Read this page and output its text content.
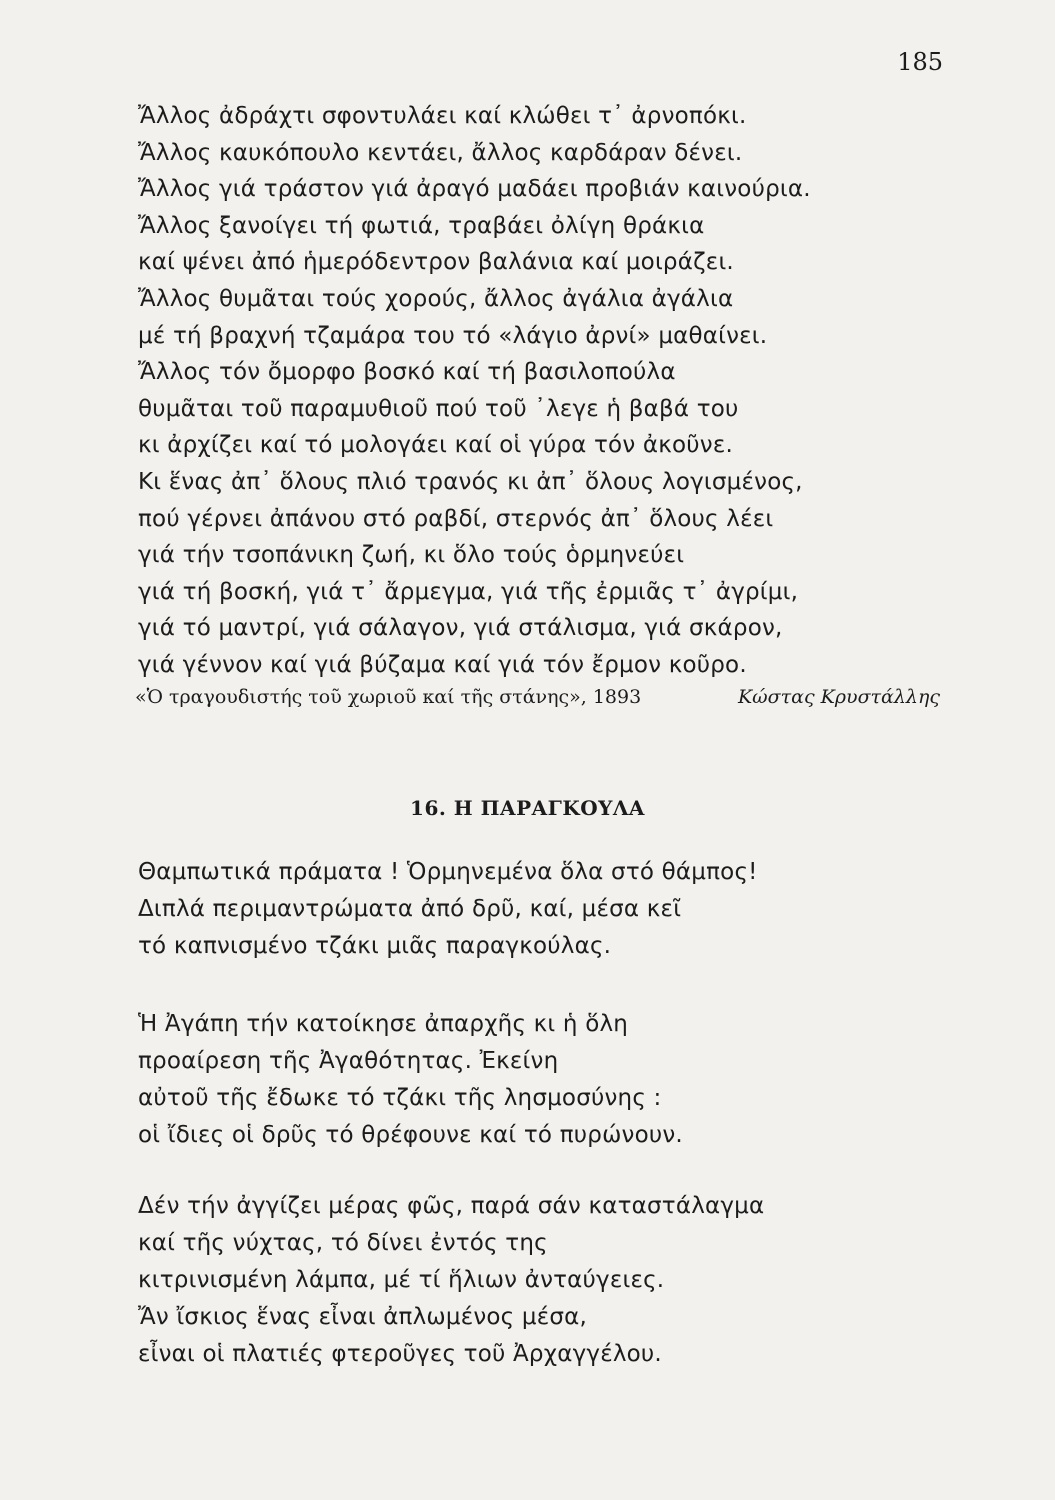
185
Ἄλλος ἀδράχτι σφοντυλάει καί κλώθει τ᾽ ἀρνοπόκι.
Ἄλλος καυκόπουλο κεντάει, ἄλλος καρδάραν δένει.
Ἄλλος γιά τράστον γιά ἀραγό μαδάει προβιάν καινούρια.
Ἄλλος ξανοίγει τή φωτιά, τραβάει ὀλίγη θράκια
καί ψένει ἀπό ἡμερόδεντρον βαλάνια καί μοιράζει.
Ἄλλος θυμᾶται τούς χορούς, ἄλλος ἀγάλια ἀγάλια
μέ τή βραχνή τζαμάρα του τό «λάγιο ἀρνί» μαθαίνει.
Ἄλλος τόν ὄμορφο βοσκό καί τή βασιλοπούλα
θυμᾶται τοῦ παραμυθιοῦ πού τοῦ ᾽λεγε ἡ βαβά του
κι ἀρχίζει καί τό μολογάει καί οἱ γύρα τόν ἀκοῦνε.
Κι ἕνας ἀπ᾽ ὅλους πλιό τρανός κι ἀπ᾽ ὅλους λογισμένος,
πού γέρνει ἀπάνου στό ραβδί, στερνός ἀπ᾽ ὅλους λέει
γιά τήν τσοπάνικη ζωή, κι ὅλο τούς ὁρμηνεύει
γιά τή βοσκή, γιά τ᾽ ἄρμεγμα, γιά τῆς ἐρμιᾶς τ᾽ ἀγρίμι,
γιά τό μαντρί, γιά σάλαγον, γιά στάλισμα, γιά σκάρον,
γιά γέννον καί γιά βύζαμα καί γιά τόν ἔρμον κοῦρο.
«Ὁ τραγουδιστής τοῦ χωριοῦ καί τῆς στάνης», 1893	Κώστας Κρυστάλλης
16. Η ΠΑΡΑΓΚΟΥΛΑ
Θαμπωτικά πράματα ! Ὁρμηνεμένα ὅλα στό θάμπος!
Διπλά περιμαντρώματα ἀπό δρῦ, καί, μέσα κεῖ
τό καπνισμένο τζάκι μιᾶς παραγκούλας.
Ἡ Ἀγάπη τήν κατοίκησε ἀπαρχῆς κι ἡ ὅλη
προαίρεση τῆς Ἀγαθότητας. Ἐκείνη
αὐτοῦ τῆς ἔδωκε τό τζάκι τῆς λησμοσύνης :
οἱ ἴδιες οἱ δρῦς τό θρέφουνε καί τό πυρώνουν.
Δέν τήν ἀγγίζει μέρας φῶς, παρά σάν καταστάλαγμα
καί τῆς νύχτας, τό δίνει ἐντός της
κιτρινισμένη λάμπα, μέ τί ἥλιων ἀνταύγειες.
Ἄν ἴσκιος ἕνας εἶναι ἀπλωμένος μέσα,
εἶναι οἱ πλατιές φτεροῦγες τοῦ Ἀρχαγγέλου.
